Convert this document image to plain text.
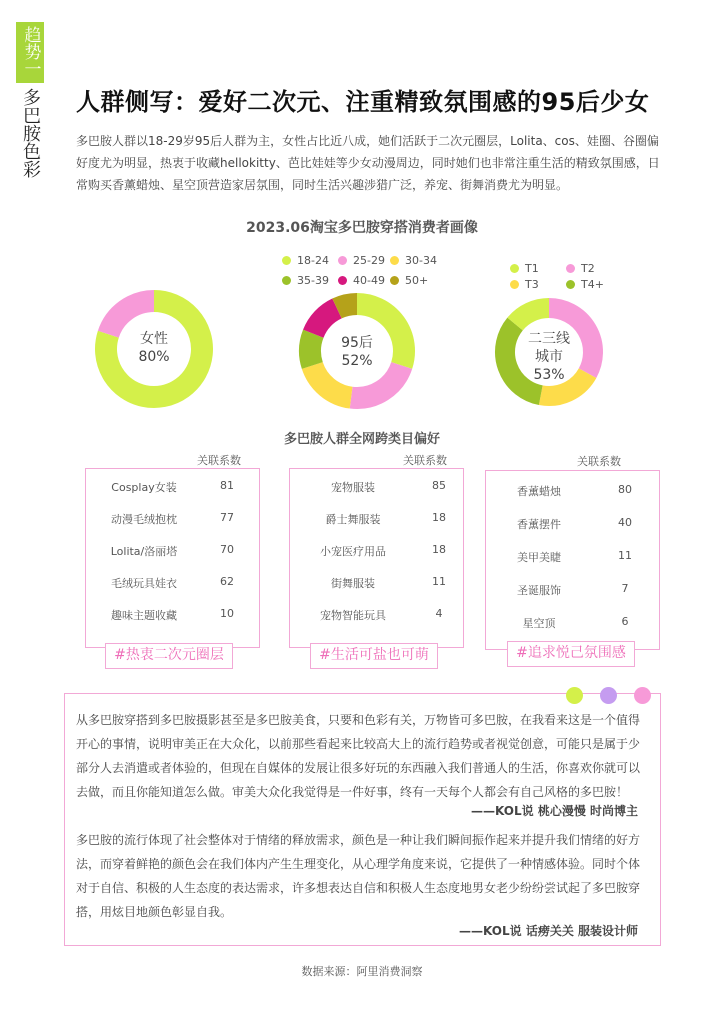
趋势一
多巴胺色彩 人群侧写：爱好二次元、注重精致氛围感的95后少女
多巴胺人群以18-29岁95后人群为主，女性占比近八成，她们活跃于二次元圈层，Lolita、cos、娃圈、谷圈偏好度尤为明显，热衷于收藏hellokitty、芭比娃娃等少女动漫周边，同时她们也非常注重生活的精致氛围感，日常购买香薰蜡烛、星空顶营造家居氛围，同时生活兴趣涉猎广泛，养宠、街舞消费尤为明显。
2023.06淘宝多巴胺穿搭消费者画像
18-24	25-29	30-34
35-39	40-49	50+
T1	T2
T3	T4+
女性
80%
95后
52%
二三线
城市
53%
多巴胺人群全网跨类目偏好
关联系数	关联系数	关联系数
Cosplay女装	81
动漫毛绒抱枕	77
Lolita/洛丽塔	70
毛绒玩具娃衣	62
趣味主题收藏	10
#热衷二次元圈层
宠物服装	85
爵士舞服装	18
小宠医疗用品	18
街舞服装	11
宠物智能玩具	4
#生活可盐也可萌
香薰蜡烛	80
香薰摆件	40
美甲美睫	11
圣诞服饰	7
星空顶	6
#追求悦己氛围感
从多巴胺穿搭到多巴胺摄影甚至是多巴胺美食，只要和色彩有关，万物皆可多巴胺，在我看来这是一个值得开心的事情，说明审美正在大众化，以前那些看起来比较高大上的流行趋势或者视觉创意，可能只是属于少部分人去消遣或者体验的，但现在自媒体的发展让很多好玩的东西融入我们普通人的生活，你喜欢你就可以去做，而且你能知道怎么做。审美大众化我觉得是一件好事，终有一天每个人都会有自己风格的多巴胺！
——KOL说 桃心漫慢 时尚博主
多巴胺的流行体现了社会整体对于情绪的释放需求，颜色是一种让我们瞬间振作起来并提升我们情绪的好方法，而穿着鲜艳的颜色会在我们体内产生生理变化，从心理学角度来说，它提供了一种情感体验。同时个体对于自信、积极的人生态度的表达需求，许多想表达自信和积极人生态度地男女老少纷纷尝试起了多巴胺穿搭，用炫目地颜色彰显自我。
——KOL说 话痨关关 服装设计师
数据来源：阿里消费洞察
